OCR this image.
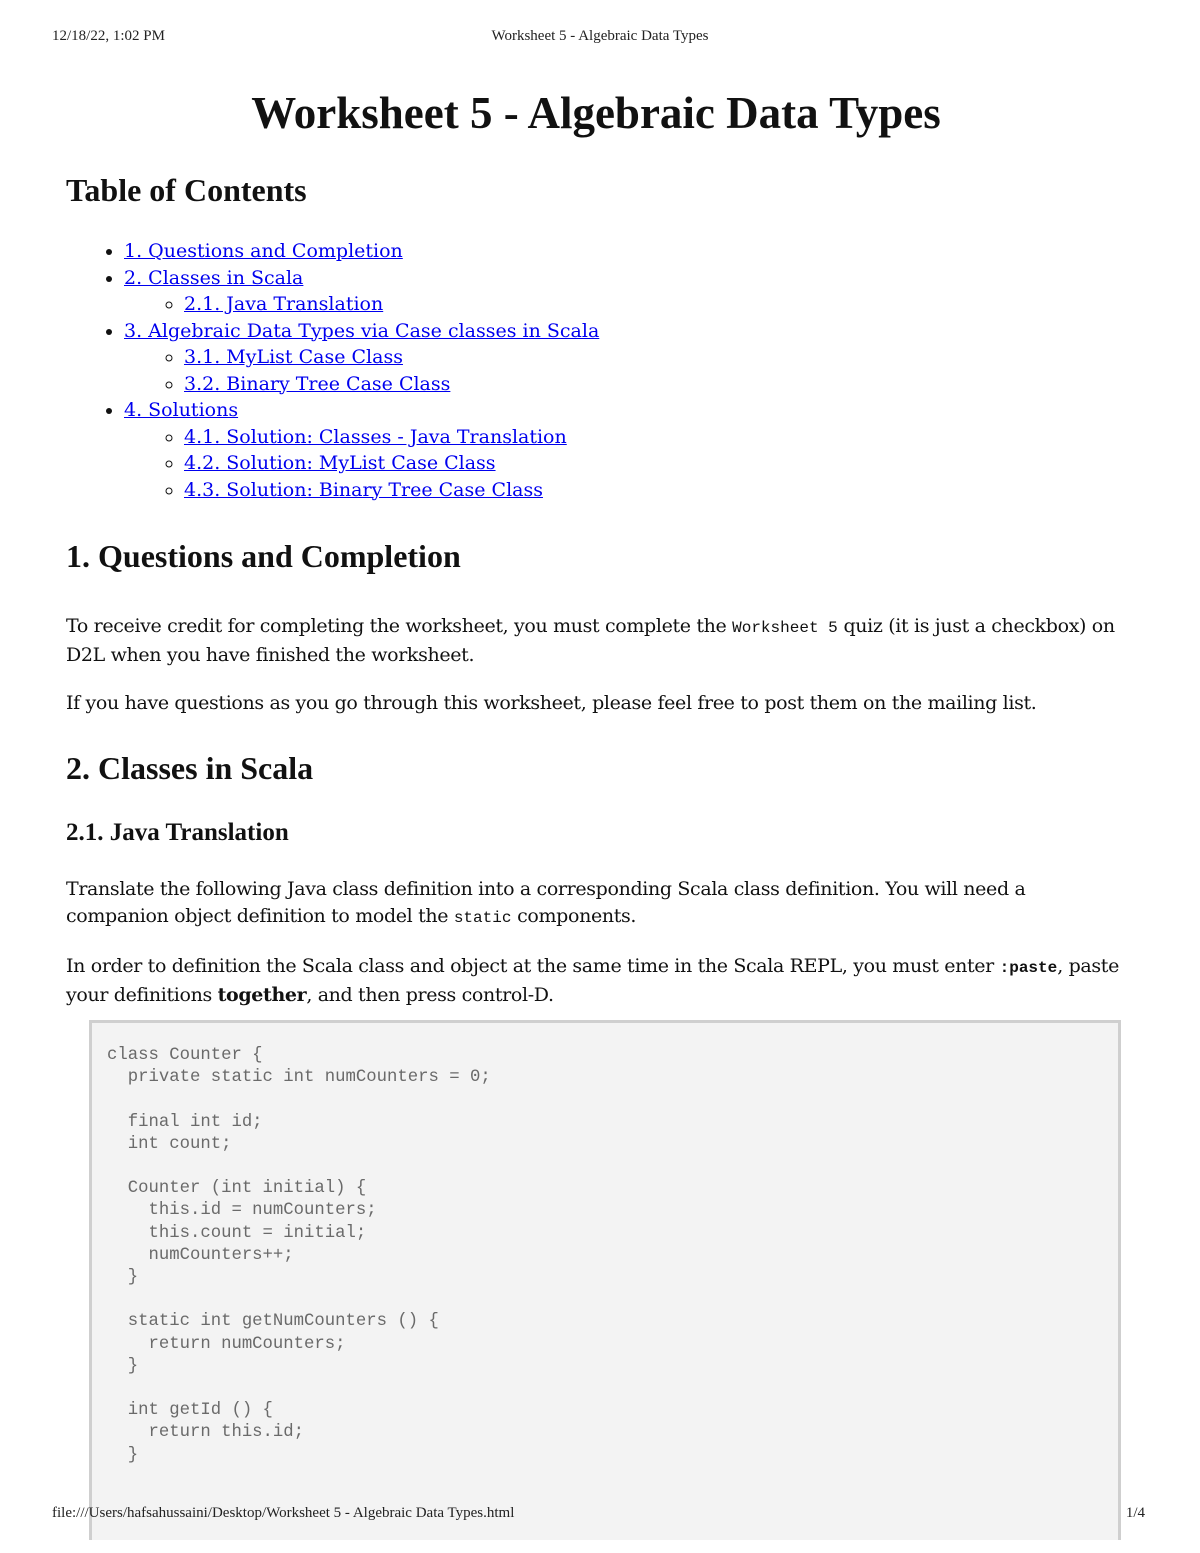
12/18/22, 1:02 PM	Worksheet 5 - Algebraic Data Types
Worksheet 5 - Algebraic Data Types
Table of Contents
• 1. Questions and Completion
• 2. Classes in Scala
◦ 2.1. Java Translation
• 3. Algebraic Data Types via Case classes in Scala
◦ 3.1. MyList Case Class
◦ 3.2. Binary Tree Case Class
• 4. Solutions
◦ 4.1. Solution: Classes - Java Translation
◦ 4.2. Solution: MyList Case Class
◦ 4.3. Solution: Binary Tree Case Class
1. Questions and Completion

To receive credit for completing the worksheet, you must complete the Worksheet 5 quiz (it is just a checkbox) on D2L when you have finished the worksheet.

If you have questions as you go through this worksheet, please feel free to post them on the mailing list.

2. Classes in Scala
2.1. Java Translation

Translate the following Java class definition into a corresponding Scala class definition. You will need a companion object definition to model the static components.

In order to definition the Scala class and object at the same time in the Scala REPL, you must enter :paste, paste your definitions together, and then press control-D.

class Counter {
private static int numCounters = 0;

final int id;
int count;

Counter (int initial) {
this.id = numCounters;
this.count = initial;
numCounters++;
}

static int getNumCounters () {
return numCounters;
}

int getId () {
return this.id;
}
file:///Users/hafsahussaini/Desktop/Worksheet 5 - Algebraic Data Types.html	1/4
